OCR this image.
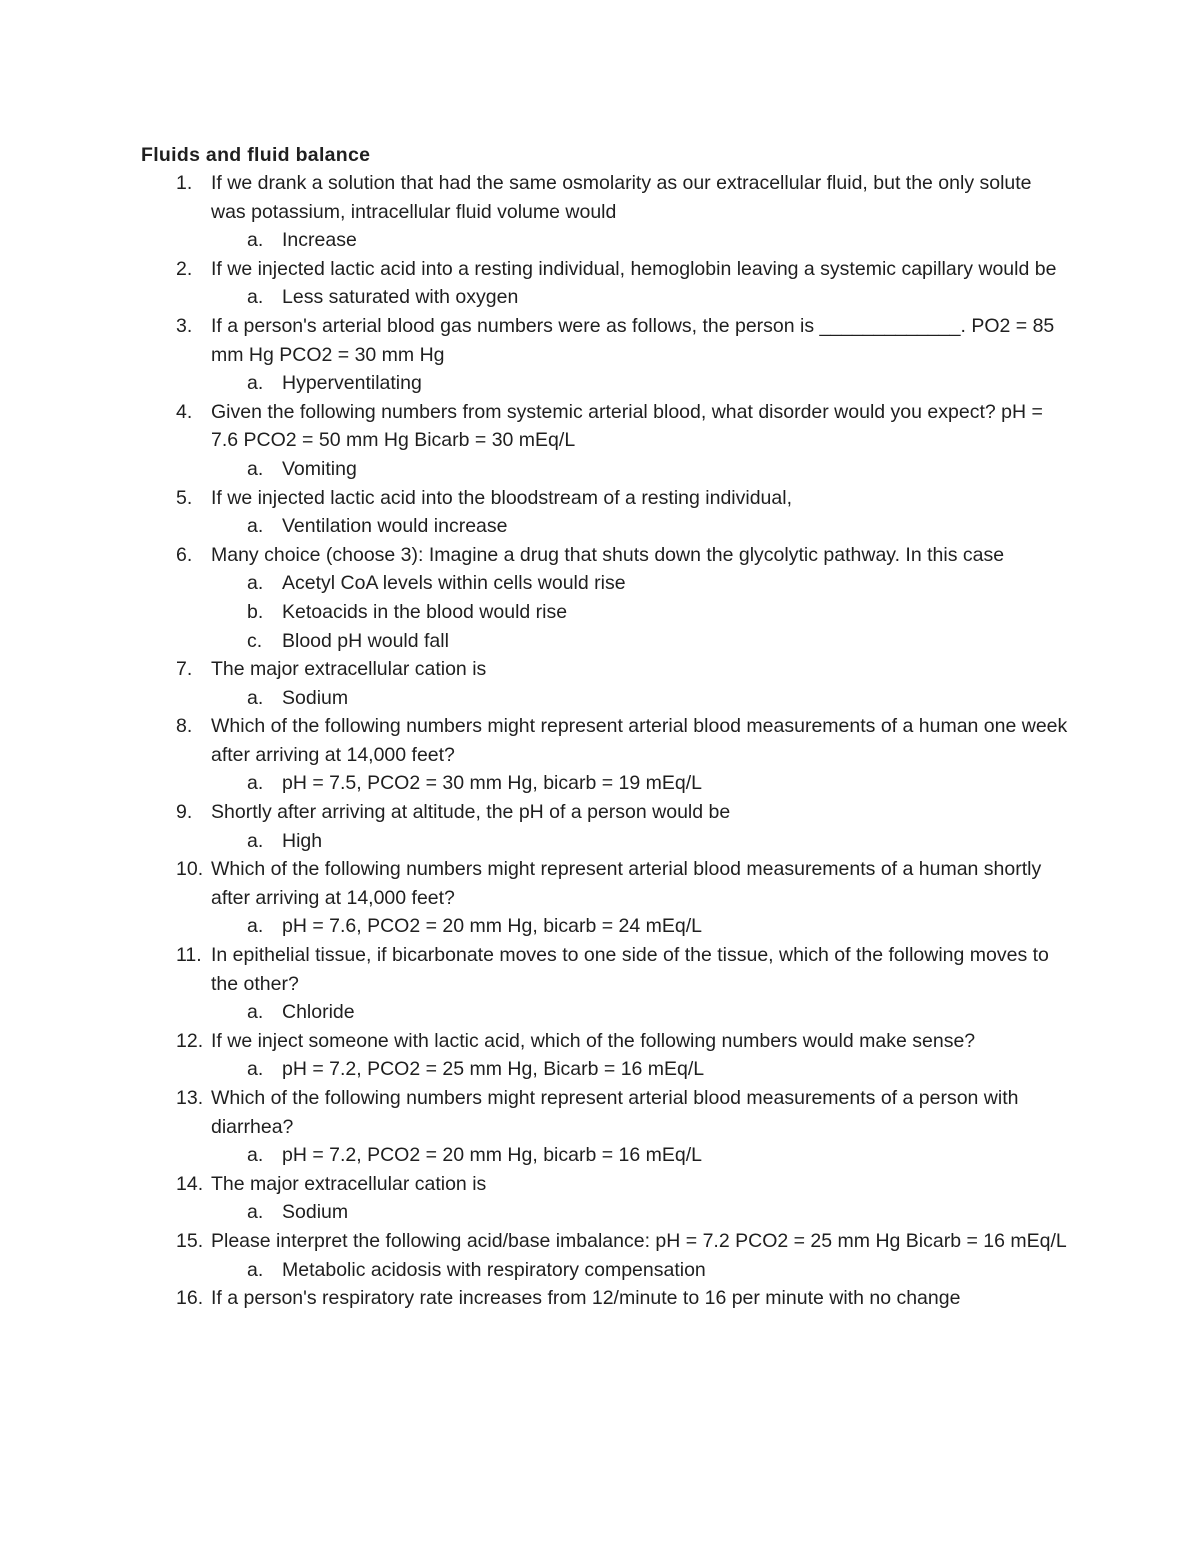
Fluids and fluid balance
1. If we drank a solution that had the same osmolarity as our extracellular fluid, but the only solute was potassium, intracellular fluid volume would
a. Increase
2. If we injected lactic acid into a resting individual, hemoglobin leaving a systemic capillary would be
a. Less saturated with oxygen
3. If a person's arterial blood gas numbers were as follows, the person is _____________. PO2 = 85 mm Hg PCO2 = 30 mm Hg
a. Hyperventilating
4. Given the following numbers from systemic arterial blood, what disorder would you expect? pH = 7.6 PCO2 = 50 mm Hg Bicarb = 30 mEq/L
a. Vomiting
5. If we injected lactic acid into the bloodstream of a resting individual,
a. Ventilation would increase
6. Many choice (choose 3): Imagine a drug that shuts down the glycolytic pathway. In this case
a. Acetyl CoA levels within cells would rise
b. Ketoacids in the blood would rise
c. Blood pH would fall
7. The major extracellular cation is
a. Sodium
8. Which of the following numbers might represent arterial blood measurements of a human one week after arriving at 14,000 feet?
a. pH = 7.5, PCO2 = 30 mm Hg, bicarb = 19 mEq/L
9. Shortly after arriving at altitude, the pH of a person would be
a. High
10. Which of the following numbers might represent arterial blood measurements of a human shortly after arriving at 14,000 feet?
a. pH = 7.6, PCO2 = 20 mm Hg, bicarb = 24 mEq/L
11. In epithelial tissue, if bicarbonate moves to one side of the tissue, which of the following moves to the other?
a. Chloride
12. If we inject someone with lactic acid, which of the following numbers would make sense?
a. pH = 7.2, PCO2 = 25 mm Hg, Bicarb = 16 mEq/L
13. Which of the following numbers might represent arterial blood measurements of a person with diarrhea?
a. pH = 7.2, PCO2 = 20 mm Hg, bicarb = 16 mEq/L
14. The major extracellular cation is
a. Sodium
15. Please interpret the following acid/base imbalance: pH = 7.2 PCO2 = 25 mm Hg Bicarb = 16 mEq/L
a. Metabolic acidosis with respiratory compensation
16. If a person's respiratory rate increases from 12/minute to 16 per minute with no change
